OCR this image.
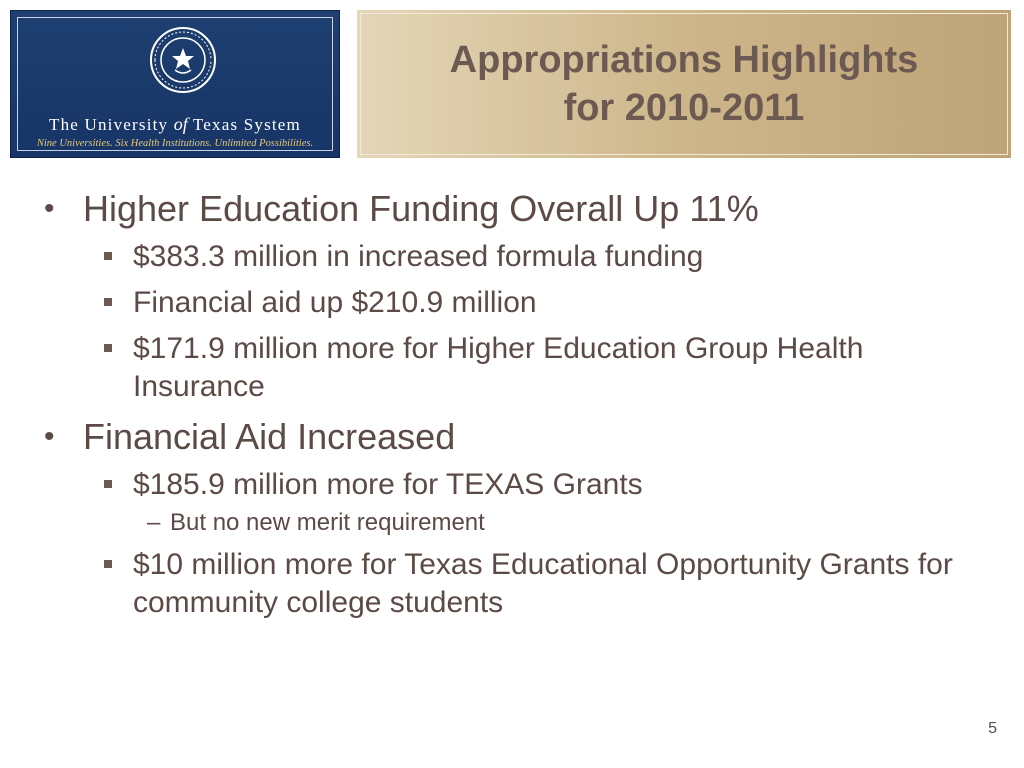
The University of Texas System
Nine Universities. Six Health Institutions. Unlimited Possibilities.
Appropriations Highlights
for 2010-2011
• Higher Education Funding Overall Up 11%
$383.3 million in increased formula funding
Financial aid up $210.9 million
$171.9 million more for Higher Education Group Health Insurance
• Financial Aid Increased
$185.9 million more for TEXAS Grants
– But no new merit requirement
$10 million more for Texas Educational Opportunity Grants for community college students
5
